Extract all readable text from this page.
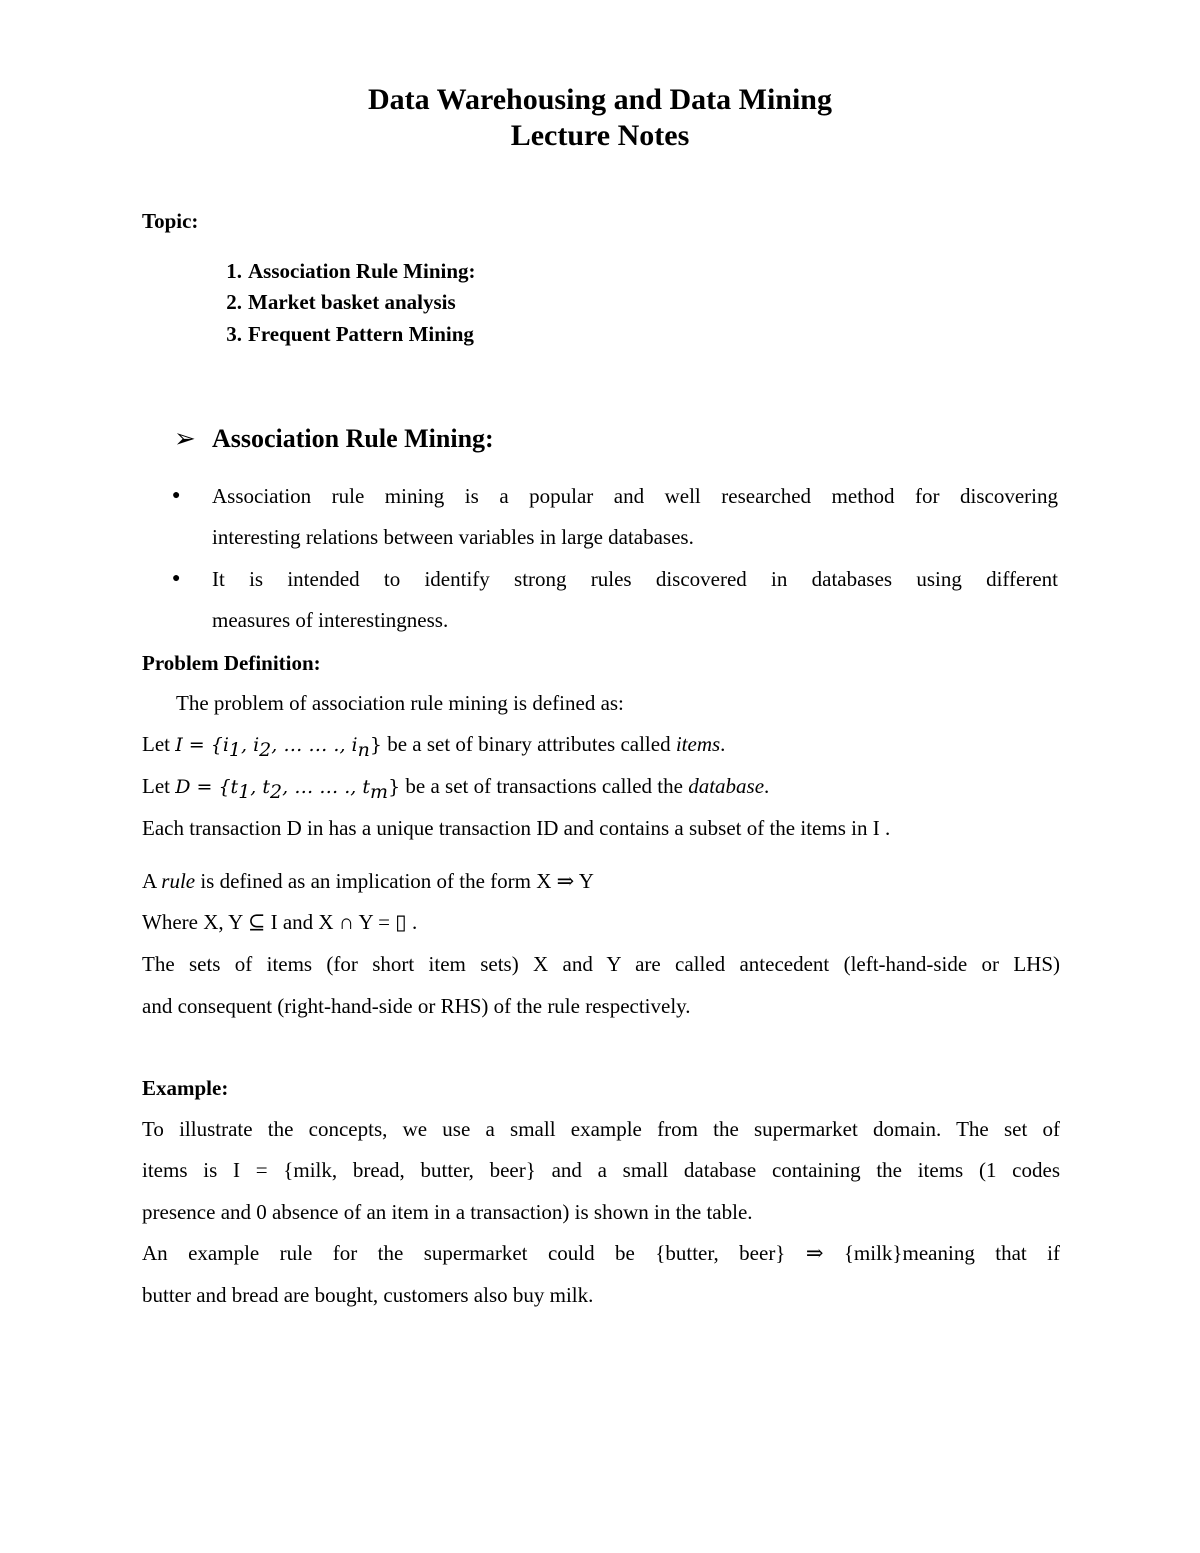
Data Warehousing and Data Mining
Lecture Notes
Topic:
1. Association Rule Mining:
2. Market basket analysis
3. Frequent Pattern Mining
➢ Association Rule Mining:
● Association rule mining is a popular and well researched method for discovering
interesting relations between variables in large databases.
● It is intended to identify strong rules discovered in databases using different
measures of interestingness.
Problem Definition:
The problem of association rule mining is defined as:
Let $I = \{i_1$, $i_2$, … … ., $i_n$} be a set of binary attributes called items.
Let $D = \{t_1$, $t_2$, … … ., $t_m$} be a set of transactions called the database.
Each transaction D in has a unique transaction ID and contains a subset of the items in I .
A rule is defined as an implication of the form X ⇒ Y
Where X, Y ⊆ I and X ∩ Y = ▯ .
The sets of items (for short item sets) X and Y are called antecedent (left-hand-side or LHS)
and consequent (right-hand-side or RHS) of the rule respectively.
Example:
To illustrate the concepts, we use a small example from the supermarket domain. The set of
items is I = {milk, bread, butter, beer} and a small database containing the items (1 codes
presence and 0 absence of an item in a transaction) is shown in the table.
An example rule for the supermarket could be {butter, beer} ⇒ {milk}meaning that if
butter and bread are bought, customers also buy milk.
